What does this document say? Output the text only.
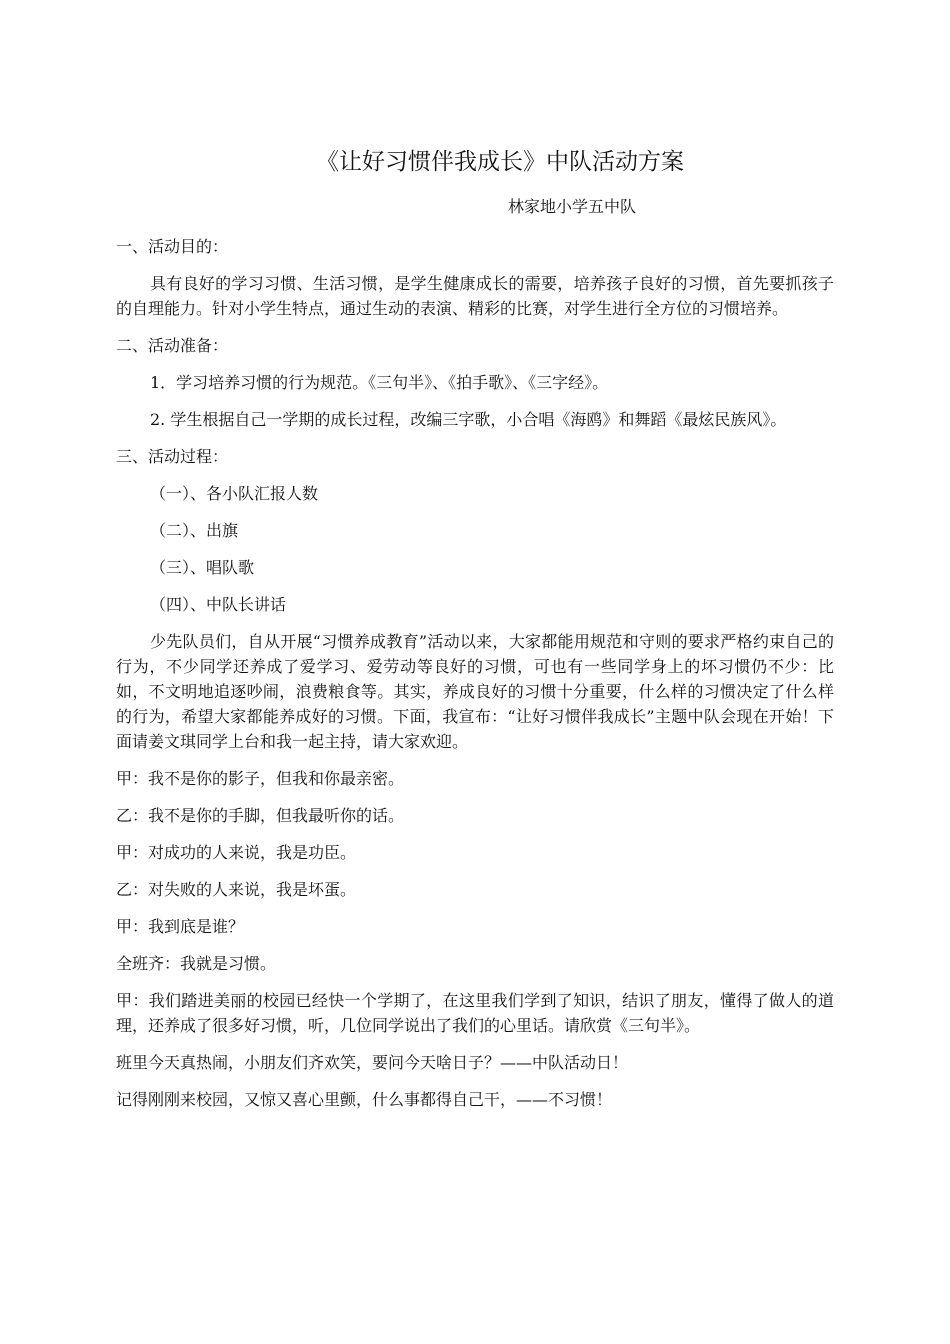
《让好习惯伴我成长》中队活动方案
林家地小学五中队
一、活动目的：
具有良好的学习习惯、生活习惯，是学生健康成长的需要，培养孩子良好的习惯，首先要抓孩子的自理能力。针对小学生特点，通过生动的表演、精彩的比赛，对学生进行全方位的习惯培养。
二、活动准备：
1．学习培养习惯的行为规范。《三句半》、《拍手歌》、《三字经》。
2. 学生根据自己一学期的成长过程，改编三字歌，小合唱《海鸥》和舞蹈《最炫民族风》。
三、活动过程：
（一）、各小队汇报人数
（二）、出旗
（三）、唱队歌
（四）、中队长讲话
少先队员们，自从开展“习惯养成教育”活动以来，大家都能用规范和守则的要求严格约束自己的行为，不少同学还养成了爱学习、爱劳动等良好的习惯，可也有一些同学身上的坏习惯仍不少：比如，不文明地追逐吵闹，浪费粮食等。其实，养成良好的习惯十分重要，什么样的习惯决定了什么样的行为，希望大家都能养成好的习惯。下面，我宣布：“让好习惯伴我成长”主题中队会现在开始！下面请姜文琪同学上台和我一起主持，请大家欢迎。
甲：我不是你的影子，但我和你最亲密。
乙：我不是你的手脚，但我最听你的话。
甲：对成功的人来说，我是功臣。
乙：对失败的人来说，我是坏蛋。
甲：我到底是谁？
全班齐：我就是习惯。
甲：我们踏进美丽的校园已经快一个学期了，在这里我们学到了知识，结识了朋友，懂得了做人的道理，还养成了很多好习惯，听，几位同学说出了我们的心里话。请欣赏《三句半》。
班里今天真热闹，小朋友们齐欢笑，要问今天啥日子？——中队活动日！
记得刚刚来校园，又惊又喜心里颤，什么事都得自己干，——不习惯！
